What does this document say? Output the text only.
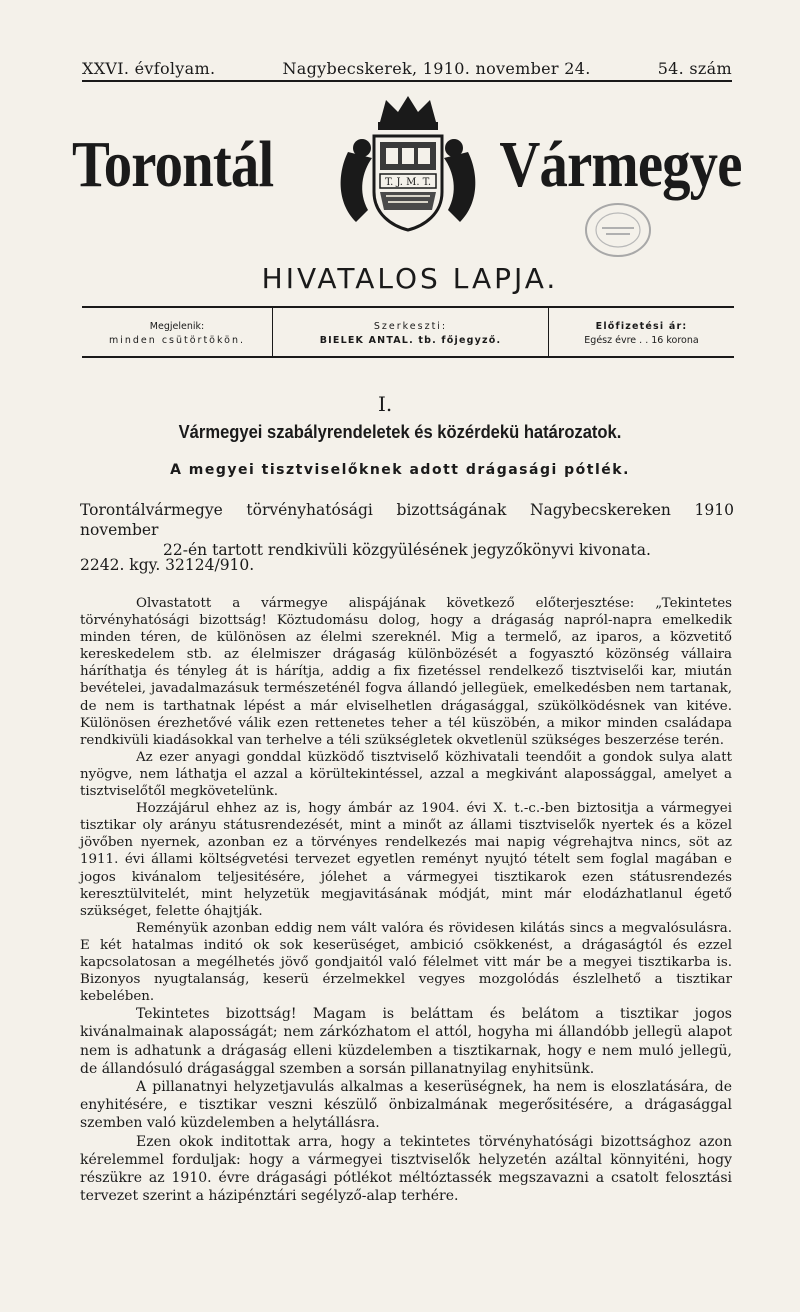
XXVI. évfolyam.	Nagybecskerek, 1910. november 24.	54. szám
Torontál	T. J. M. T. Vármegye
HIVATALOS LAPJA.
Megjelenik:
minden csütörtökön.
Szerkeszti:
BIELEK ANTAL. tb. főjegyző.
Előfizetési ár:
Egész évre . . 16 korona
I.
Vármegyei szabályrendeletek és közérdekü határozatok.
A megyei tisztviselőknek adott drágasági pótlék.
Torontálvármegye törvényhatósági bizottságának Nagybecskereken 1910 november
22-én tartott rendkivüli közgyülésének jegyzőkönyvi kivonata.
2242. kgy. 32124/910.

Olvastatott a vármegye alispájának következő előterjesztése: „Tekintetes törvényhatósági bizottság! Köztudomásu dolog, hogy a drágaság napról-napra emelkedik minden téren, de különösen az élelmi szereknél. Mig a termelő, az iparos, a közvetitő kereskedelem stb. az élelmiszer drágaság különbözését a fogyasztó közönség vállaira háríthatja és tényleg át is hárítja, addig a fix fizetéssel rendelkező tisztviselői kar, miután bevételei, javadalmazásuk természeténél fogva állandó jellegüek, emelkedésben nem tartanak, de nem is tarthatnak lépést a már elviselhetlen drágasággal, szükölködésnek van kitéve. Különösen érezhetővé válik ezen rettenetes teher a tél küszöbén, a mikor minden családapa rendkivüli kiadásokkal van terhelve a téli szükségletek okvetlenül szükséges beszerzése terén.

Az ezer anyagi gonddal küzködő tisztviselő közhivatali teendőit a gondok sulya alatt nyögve, nem láthatja el azzal a körültekintéssel, azzal a megkivánt alapossággal, amelyet a tisztviselőtől megkövetelünk.

Hozzájárul ehhez az is, hogy ámbár az 1904. évi X. t.-c.-ben biztositja a vármegyei tisztikar oly arányu státusrendezését, mint a minőt az állami tisztviselők nyertek és a közel jövőben nyernek, azonban ez a törvényes rendelkezés mai napig végrehajtva nincs, söt az 1911. évi állami költségvetési tervezet egyetlen reményt nyujtó tételt sem foglal magában e jogos kivánalom teljesitésére, jólehet a vármegyei tisztikarok ezen státusrendezés keresztülvitelét, mint helyzetük megjavitásának módját, mint már elodázhatlanul égető szükséget, felette óhajtják.

Reményük azonban eddig nem vált valóra és rövidesen kilátás sincs a megvalósulásra. E két hatalmas inditó ok sok keserüséget, ambició csökkenést, a drágaságtól és ezzel kapcsolatosan a megélhetés jövő gondjaitól való félelmet vitt már be a megyei tisztikarba is. Bizonyos nyugtalanság, keserü érzelmekkel vegyes mozgolódás észlelhető a tisztikar kebelében.

Tekintetes bizottság! Magam is beláttam és belátom a tisztikar jogos kivánalmainak alaposságát; nem zárkózhatom el attól, hogyha mi állandóbb jellegü alapot nem is adhatunk a drágaság elleni küzdelemben a tisztikarnak, hogy e nem muló jellegü, de állandósuló drágasággal szemben a sorsán pillanatnyilag enyhitsünk.

A pillanatnyi helyzetjavulás alkalmas a keserüségnek, ha nem is eloszlatására, de enyhitésére, e tisztikar veszni készülő önbizalmának megerősitésére, a drágasággal szemben való küzdelemben a helytállásra.

Ezen okok inditottak arra, hogy a tekintetes törvényhatósági bizottsághoz azon kérelemmel forduljak: hogy a vármegyei tisztviselők helyzetén azáltal könnyiténi, hogy részükre az 1910. évre drágasági pótlékot méltóztassék megszavazni a csatolt felosztási tervezet szerint a házipénztári segélyző-alap terhére.
